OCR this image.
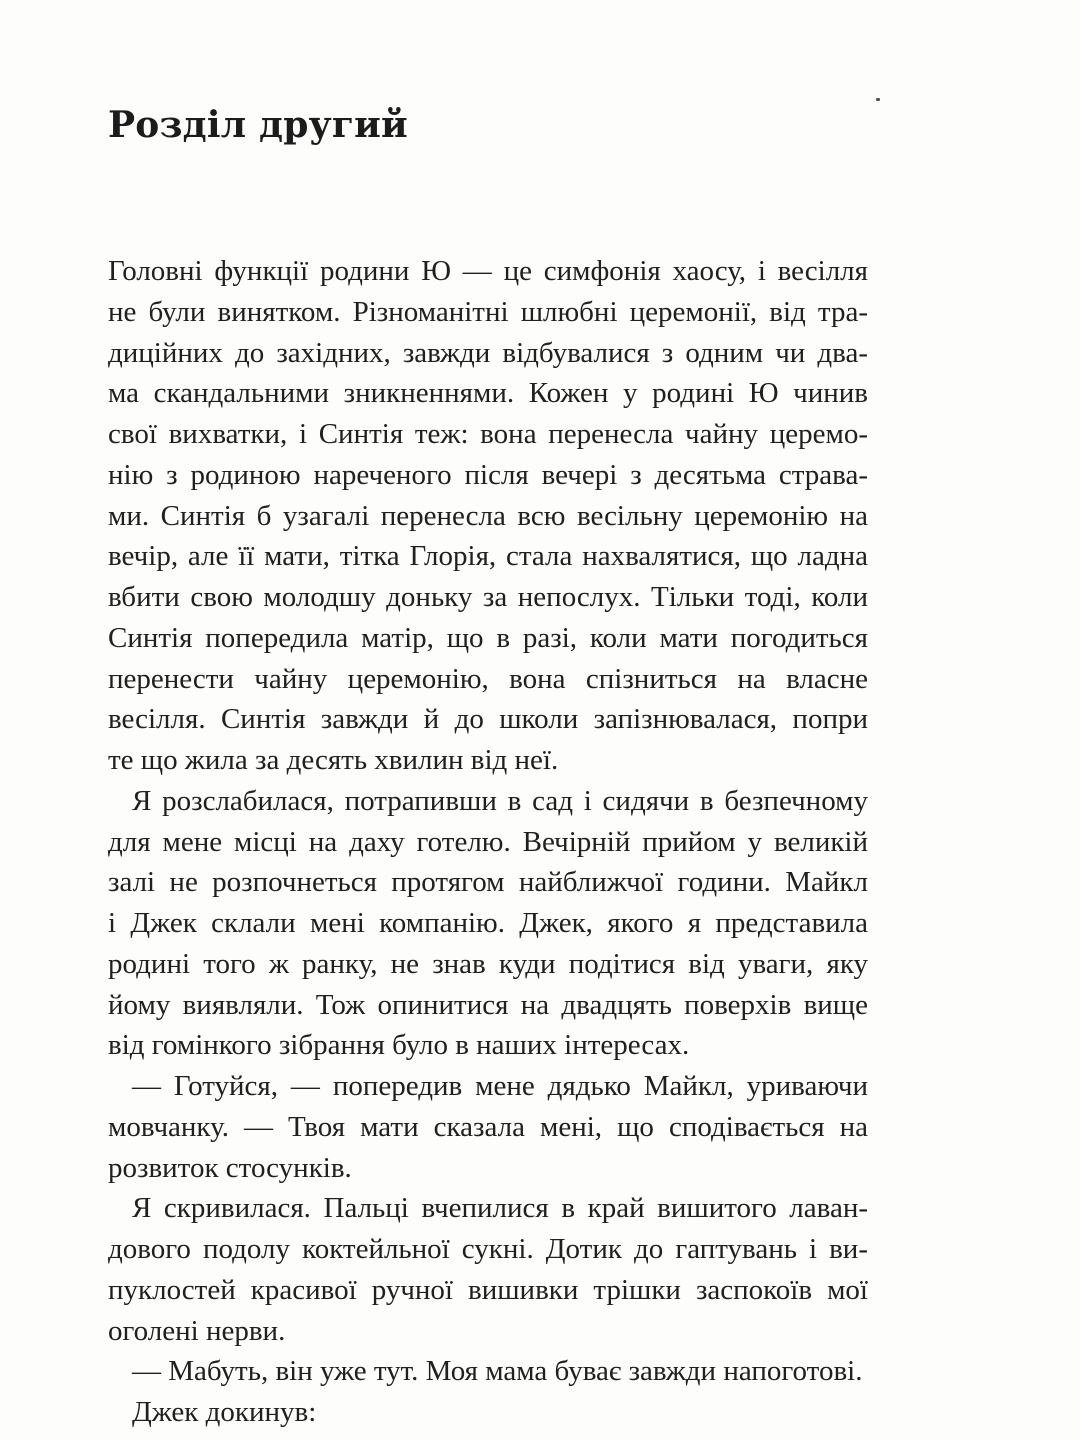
Розділ другий
Головні функції родини Ю — це симфонія хаосу, і весілля
не були винятком. Різноманітні шлюбні церемонії, від тра-
диційних до західних, завжди відбувалися з одним чи два-
ма скандальними зникненнями. Кожен у родині Ю чинив
свої вихватки, і Синтія теж: вона перенесла чайну церемо-
нію з родиною нареченого після вечері з десятьма страва-
ми. Синтія б узагалі перенесла всю весільну церемонію на
вечір, але її мати, тітка Глорія, стала нахвалятися, що ладна
вбити свою молодшу доньку за непослух. Тільки тоді, коли
Синтія попередила матір, що в разі, коли мати погодиться
перенести чайну церемонію, вона спізниться на власне
весілля. Синтія завжди й до школи запізнювалася, попри
те що жила за десять хвилин від неї.
Я розслабилася, потрапивши в сад і сидячи в безпечному
для мене місці на даху готелю. Вечірній прийом у великій
залі не розпочнеться протягом найближчої години. Майкл
і Джек склали мені компанію. Джек, якого я представила
родині того ж ранку, не знав куди подітися від уваги, яку
йому виявляли. Тож опинитися на двадцять поверхів вище
від гомінкого зібрання було в наших інтересах.
— Готуйся, — попередив мене дядько Майкл, уриваючи
мовчанку. — Твоя мати сказала мені, що сподівається на
розвиток стосунків.
Я скривилася. Пальці вчепилися в край вишитого лаван-
дового подолу коктейльної сукні. Дотик до гаптувань і ви-
пуклостей красивої ручної вишивки трішки заспокоїв мої
оголені нерви.
— Мабуть, він уже тут. Моя мама буває завжди напоготові.
Джек докинув:
